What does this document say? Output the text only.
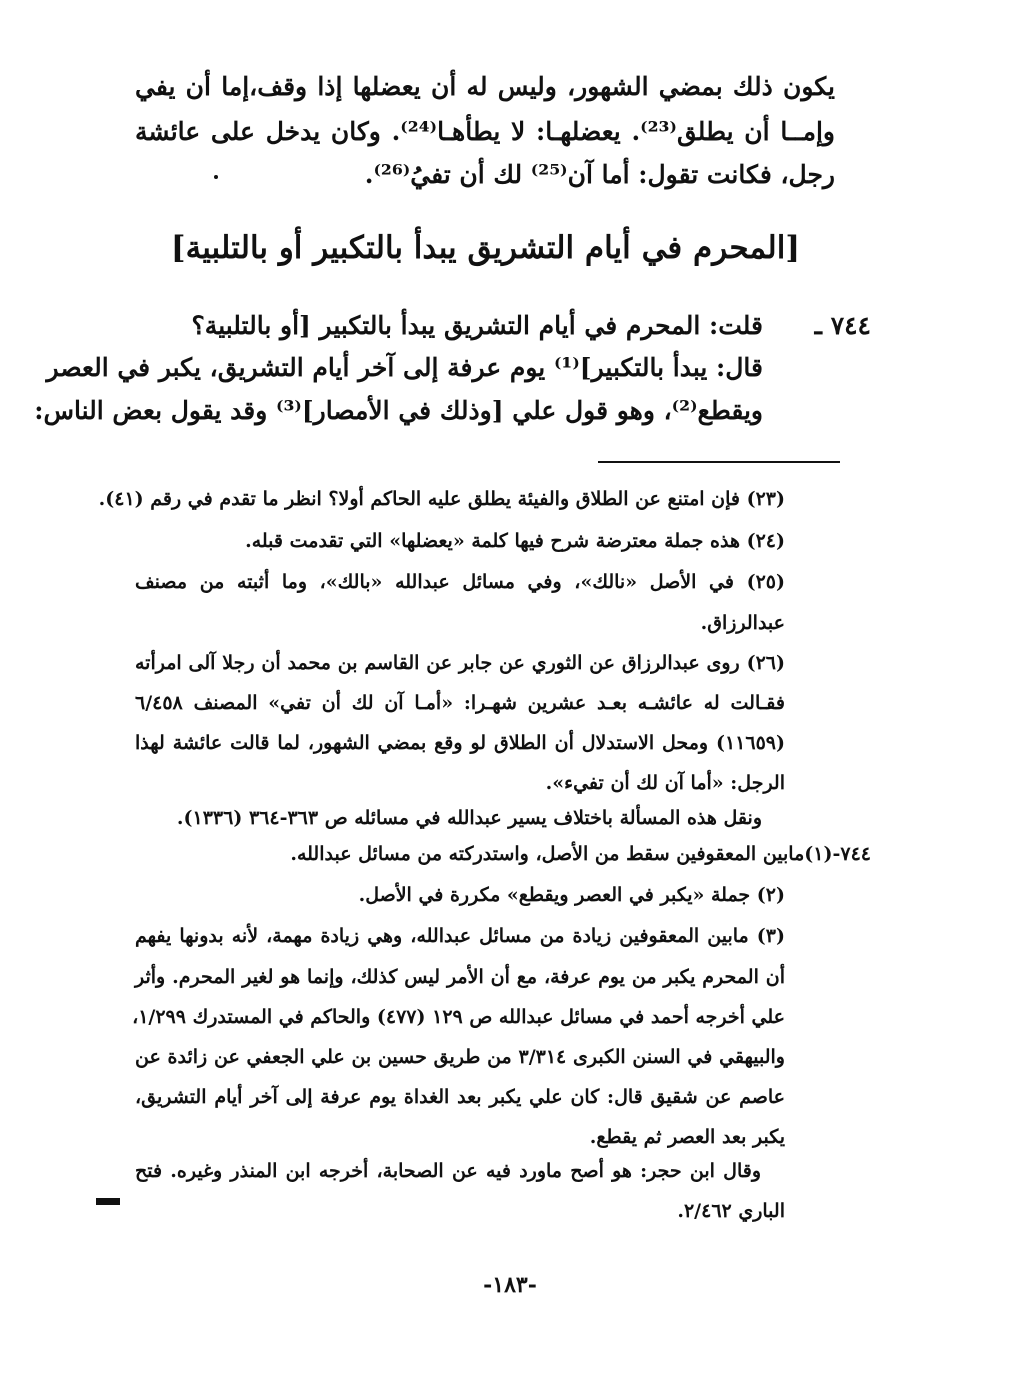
يكون ذلك بمضي الشهور، وليس له أن يعضلها إذا وقف،إما أن يفي
وإمــا أن يطلق⁽²³⁾. يعضلهـا: لا يطأهـا⁽²⁴⁾. وكان يدخل على عائشة
رجل، فكانت تقول: أما آن⁽²⁵⁾ لك أن تفيُ⁽²⁶⁾.
[المحرم في أيام التشريق يبدأ بالتكبير أو بالتلبية]
٧٤٤ ـ
قلت: المحرم في أيام التشريق يبدأ بالتكبير [أو بالتلبية؟
قال: يبدأ بالتكبير]⁽¹⁾ يوم عرفة إلى آخر أيام التشريق، يكبر في العصر
ويقطع⁽²⁾، وهو قول علي [وذلك في الأمصار]⁽³⁾ وقد يقول بعض الناس:
(٢٣) فإن امتنع عن الطلاق والفيئة يطلق عليه الحاكم أولا؟ انظر ما تقدم في رقم (٤١).
(٢٤) هذه جملة معترضة شرح فيها كلمة «يعضلها» التي تقدمت قبله.
(٢٥) في الأصل «نالك»، وفي مسائل عبدالله «بالك»، وما أثبته من مصنف
عبدالرزاق.
(٢٦) روى عبدالرزاق عن الثوري عن جابر عن القاسم بن محمد أن رجلا آلى امرأته
فقـالت له عائشـه بعـد عشرين شهـرا: «أمـا آن لك أن تفي» المصنف ٦/٤٥٨
(١١٦٥٩) ومحل الاستدلال أن الطلاق لو وقع بمضي الشهور، لما قالت عائشة لهذا
الرجل: «أما آن لك أن تفيء».
ونقل هذه المسألة باختلاف يسير عبدالله في مسائله ص ٣٦٣-٣٦٤ (١٣٣٦).
٧٤٤-(١)مابين المعقوفين سقط من الأصل، واستدركته من مسائل عبدالله.
(٢) جملة «يكبر في العصر ويقطع» مكررة في الأصل.
(٣) مابين المعقوفين زيادة من مسائل عبدالله، وهي زيادة مهمة، لأنه بدونها يفهم
أن المحرم يكبر من يوم عرفة، مع أن الأمر ليس كذلك، وإنما هو لغير المحرم. وأثر
علي أخرجه أحمد في مسائل عبدالله ص ١٢٩ (٤٧٧) والحاكم في المستدرك ١/٢٩٩،
والبيهقي في السنن الكبرى ٣/٣١٤ من طريق حسين بن علي الجعفي عن زائدة عن
عاصم عن شقيق قال: كان علي يكبر بعد الغداة يوم عرفة إلى آخر أيام التشريق،
يكبر بعد العصر ثم يقطع.
وقال ابن حجر: هو أصح ماورد فيه عن الصحابة، أخرجه ابن المنذر وغيره. فتح
الباري ٢/٤٦٢.
-١٨٣-
